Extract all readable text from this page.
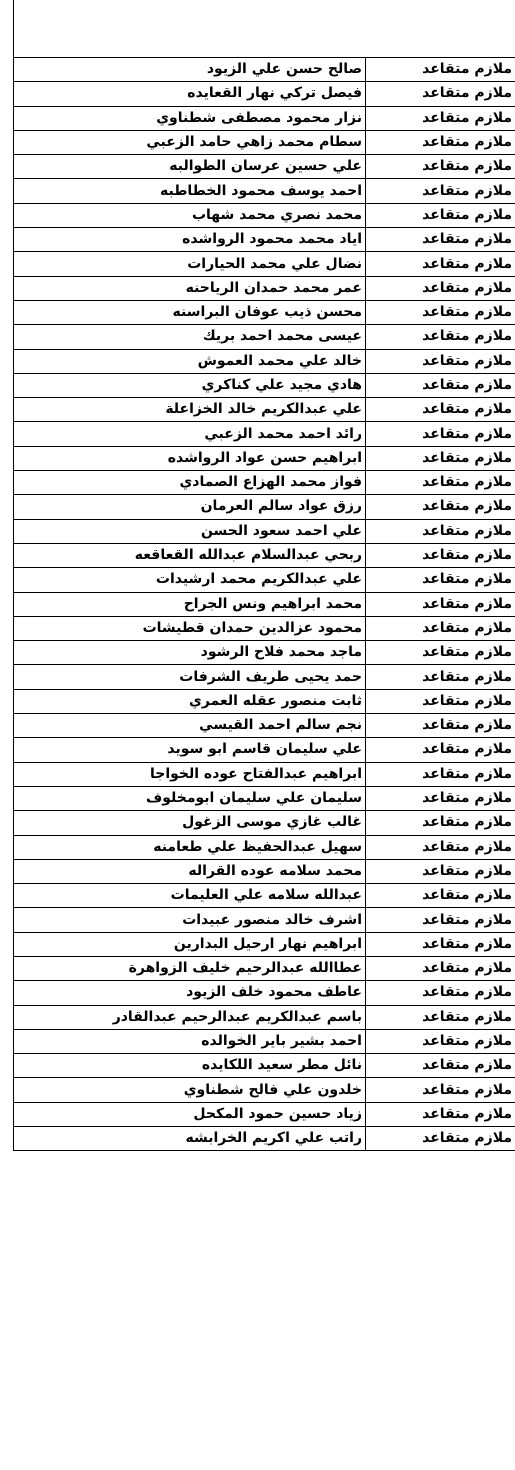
ملازم متقاعد	صالح حسن علي الزيود
ملازم متقاعد	فيصل تركي نهار القعايده
ملازم متقاعد	نزار محمود مصطفى شطناوي
ملازم متقاعد	سطام محمد زاهي حامد الزعبي
ملازم متقاعد	علي حسين عرسان الطوالبه
ملازم متقاعد	احمد يوسف محمود الخطاطبه
ملازم متقاعد	محمد نصري محمد شهاب
ملازم متقاعد	اياد محمد محمود الرواشده
ملازم متقاعد	نضال علي محمد الحيارات
ملازم متقاعد	عمر محمد حمدان الرياحنه
ملازم متقاعد	محسن ذيب عوفان البراسنه
ملازم متقاعد	عيسى محمد احمد بريك
ملازم متقاعد	خالد علي محمد العموش
ملازم متقاعد	هادي مجيد علي كناكري
ملازم متقاعد	علي عبدالكريم خالد الخزاعلة
ملازم متقاعد	رائد احمد محمد الزعبي
ملازم متقاعد	ابراهيم حسن عواد الرواشده
ملازم متقاعد	فواز محمد الهزاع الصمادي
ملازم متقاعد	رزق عواد سالم العرمان
ملازم متقاعد	علي احمد سعود الحسن
ملازم متقاعد	ربحي عبدالسلام عبدالله القعاقعه
ملازم متقاعد	علي عبدالكريم محمد ارشيدات
ملازم متقاعد	محمد ابراهيم ونس الجراح
ملازم متقاعد	محمود عزالدين حمدان قطيشات
ملازم متقاعد	ماجد محمد فلاح الرشود
ملازم متقاعد	حمد يحيى طريف الشرفات
ملازم متقاعد	ثابت منصور عقله العمري
ملازم متقاعد	نجم سالم احمد القيسي
ملازم متقاعد	علي سليمان قاسم ابو سويد
ملازم متقاعد	ابراهيم عبدالفتاح عوده الخواجا
ملازم متقاعد	سليمان علي سليمان ابومخلوف
ملازم متقاعد	غالب غازي موسى الزغول
ملازم متقاعد	سهيل عبدالحفيظ علي طعامنه
ملازم متقاعد	محمد سلامه عوده القراله
ملازم متقاعد	عبدالله سلامه علي العليمات
ملازم متقاعد	اشرف خالد منصور عبيدات
ملازم متقاعد	ابراهيم نهار ارحيل البدارين
ملازم متقاعد	عطاالله عبدالرحيم خليف الزواهرة
ملازم متقاعد	عاطف محمود خلف الزيود
ملازم متقاعد	باسم عبدالكريم عبدالرحيم عبدالقادر
ملازم متقاعد	احمد بشير باير الخوالده
ملازم متقاعد	نائل مطر سعيد اللكايده
ملازم متقاعد	خلدون علي فالح شطناوي
ملازم متقاعد	زياد حسين حمود المكحل
ملازم متقاعد	راتب علي اكريم الخرابشه
